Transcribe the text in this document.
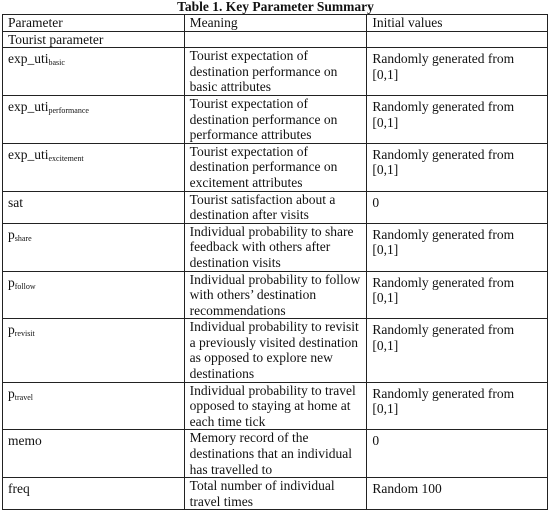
Table 1. Key Parameter Summary
Parameter	Meaning	Initial values
Tourist parameter		
exp_uti$_{basic}$	Tourist expectation of destination performance on basic attributes	Randomly generated from [0,1]
exp_uti$_{performance}$	Tourist expectation of destination performance on performance attributes	Randomly generated from [0,1]
exp_uti$_{excitement}$	Tourist expectation of destination performance on excitement attributes	Randomly generated from [0,1]
sat	Tourist satisfaction about a destination after visits	0
$p_{share}$	Individual probability to share feedback with others after destination visits	Randomly generated from [0,1]
$p_{follow}$	Individual probability to follow with others’ destination recommendations	Randomly generated from [0,1]
$p_{revisit}$	Individual probability to revisit a previously visited destination as opposed to explore new destinations	Randomly generated from [0,1]
$p_{travel}$	Individual probability to travel opposed to staying at home at each time tick	Randomly generated from [0,1]
memo	Memory record of the destinations that an individual has travelled to	0
freq	Total number of individual travel times	Random 100
